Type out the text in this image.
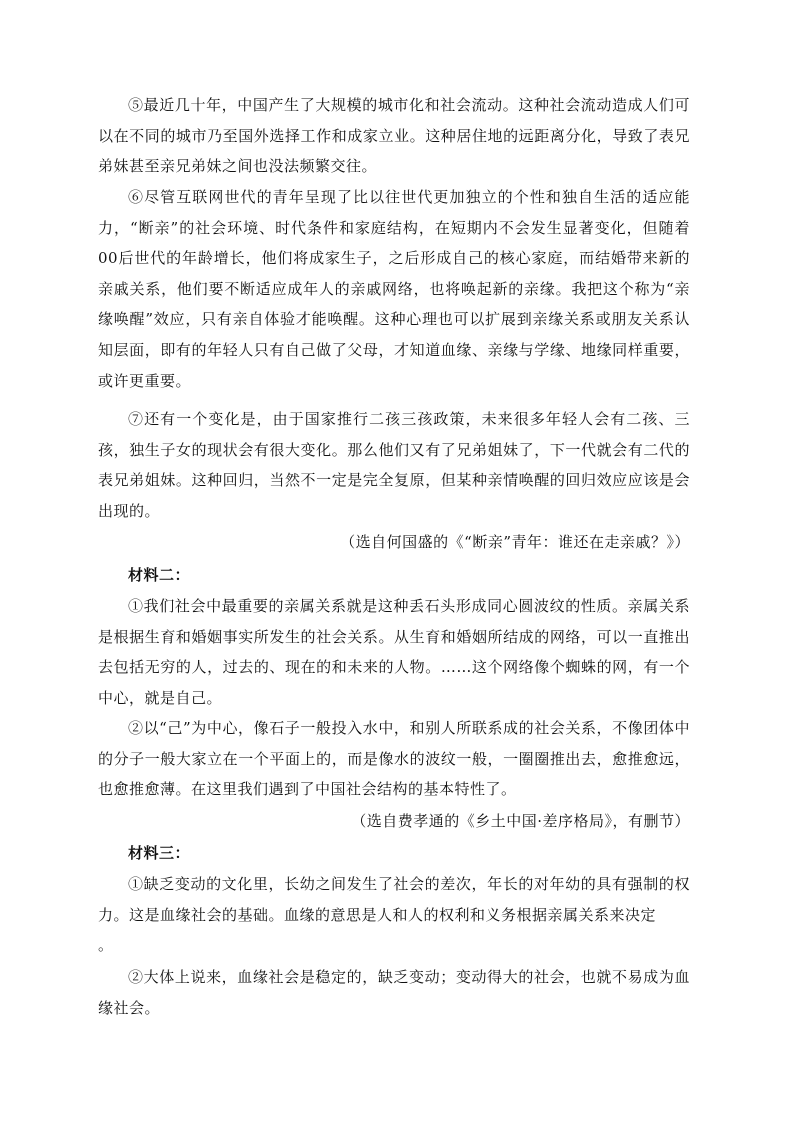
⑤最近几十年，中国产生了大规模的城市化和社会流动。这种社会流动造成人们可以在不同的城市乃至国外选择工作和成家立业。这种居住地的远距离分化，导致了表兄弟妹甚至亲兄弟妹之间也没法频繁交往。

⑥尽管互联网世代的青年呈现了比以往世代更加独立的个性和独自生活的适应能力，“断亲”的社会环境、时代条件和家庭结构，在短期内不会发生显著变化，但随着00后世代的年龄增长，他们将成家生子，之后形成自己的核心家庭，而结婚带来新的亲戚关系，他们要不断适应成年人的亲戚网络，也将唤起新的亲缘。我把这个称为“亲缘唤醒”效应，只有亲自体验才能唤醒。这种心理也可以扩展到亲缘关系或朋友关系认知层面，即有的年轻人只有自己做了父母，才知道血缘、亲缘与学缘、地缘同样重要，或许更重要。

⑦还有一个变化是，由于国家推行二孩三孩政策，未来很多年轻人会有二孩、三孩，独生子女的现状会有很大变化。那么他们又有了兄弟姐妹了，下一代就会有二代的表兄弟姐妹。这种回归，当然不一定是完全复原，但某种亲情唤醒的回归效应应该是会出现的。

（选自何国盛的《“断亲”青年：谁还在走亲戚？》）

材料二：

①我们社会中最重要的亲属关系就是这种丢石头形成同心圆波纹的性质。亲属关系是根据生育和婚姻事实所发生的社会关系。从生育和婚姻所结成的网络，可以一直推出去包括无穷的人，过去的、现在的和未来的人物。……这个网络像个蜘蛛的网，有一个中心，就是自己。

②以“己”为中心，像石子一般投入水中，和别人所联系成的社会关系，不像团体中的分子一般大家立在一个平面上的，而是像水的波纹一般，一圈圈推出去，愈推愈远，也愈推愈薄。在这里我们遇到了中国社会结构的基本特性了。

（选自费孝通的《乡土中国·差序格局》，有删节）

材料三：

①缺乏变动的文化里，长幼之间发生了社会的差次，年长的对年幼的具有强制的权力。这是血缘社会的基础。血缘的意思是人和人的权利和义务根据亲属关系来决定

。

②大体上说来，血缘社会是稳定的，缺乏变动；变动得大的社会，也就不易成为血缘社会。
